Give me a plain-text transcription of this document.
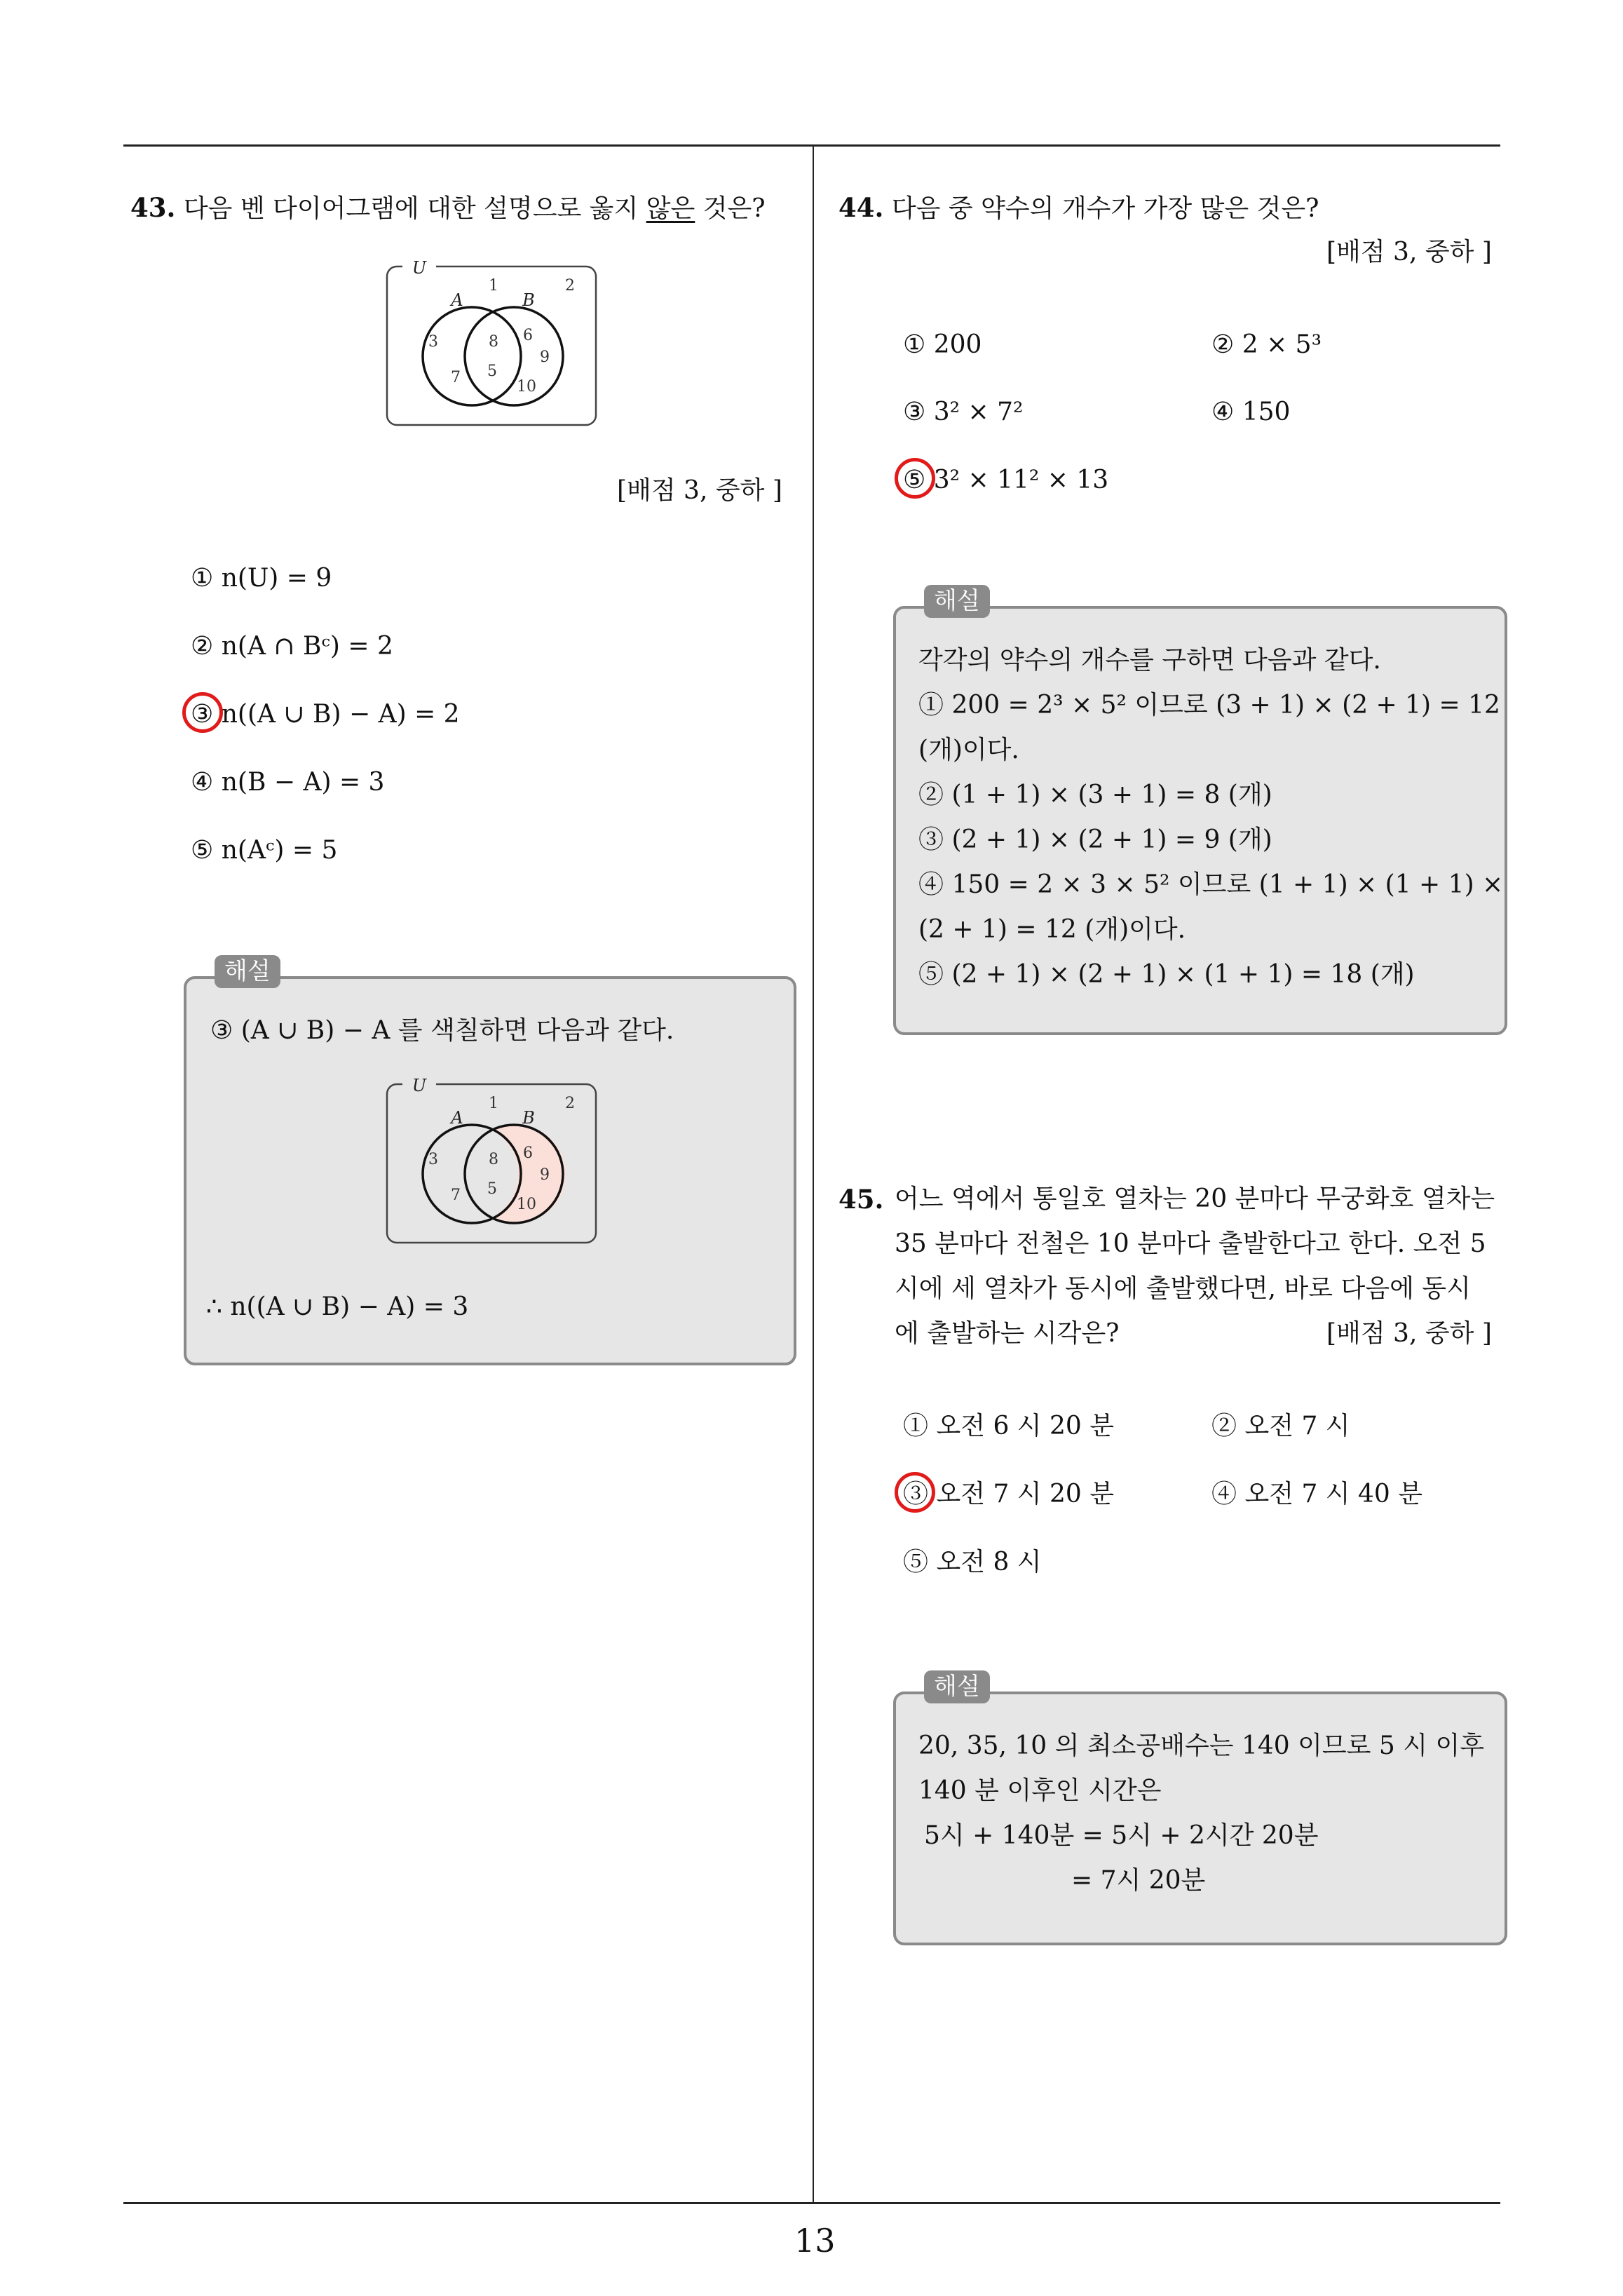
13
43. 다음 벤 다이어그램에 대한 설명으로 옳지 않은 것은?
U
A	B
1	2
3
7
8
5
6
9
10
[배점 3, 중하 ]
① n(U) = 9
② n(A ∩ Bᶜ) = 2
③ n((A ∪ B) − A) = 2
④ n(B − A) = 3
⑤ n(Aᶜ) = 5
해설
③ (A ∪ B) − A 를 색칠하면 다음과 같다.
U
A	B
1	2
3
7
8
5
6
9
10
∴ n((A ∪ B) − A) = 3
44. 다음 중 약수의 개수가 가장 많은 것은?
[배점 3, 중하 ]
① 200	② 2 × 5³
③ 3² × 7²	④ 150
⑤ 3² × 11² × 13
해설
각각의 약수의 개수를 구하면 다음과 같다.
① 200 = 2³ × 5² 이므로 (3 + 1) × (2 + 1) = 12
(개)이다.
② (1 + 1) × (3 + 1) = 8 (개)
③ (2 + 1) × (2 + 1) = 9 (개)
④ 150 = 2 × 3 × 5² 이므로 (1 + 1) × (1 + 1) ×
(2 + 1) = 12 (개)이다.
⑤ (2 + 1) × (2 + 1) × (1 + 1) = 18 (개)
45. 어느 역에서 통일호 열차는 20 분마다 무궁화호 열차는
35 분마다 전철은 10 분마다 출발한다고 한다. 오전 5
시에 세 열차가 동시에 출발했다면, 바로 다음에 동시
에 출발하는 시각은?	[배점 3, 중하 ]
① 오전 6 시 20 분	② 오전 7 시
③ 오전 7 시 20 분	④ 오전 7 시 40 분
⑤ 오전 8 시
해설
20, 35, 10 의 최소공배수는 140 이므로 5 시 이후
140 분 이후인 시간은
5시 + 140분 = 5시 + 2시간 20분
= 7시 20분
